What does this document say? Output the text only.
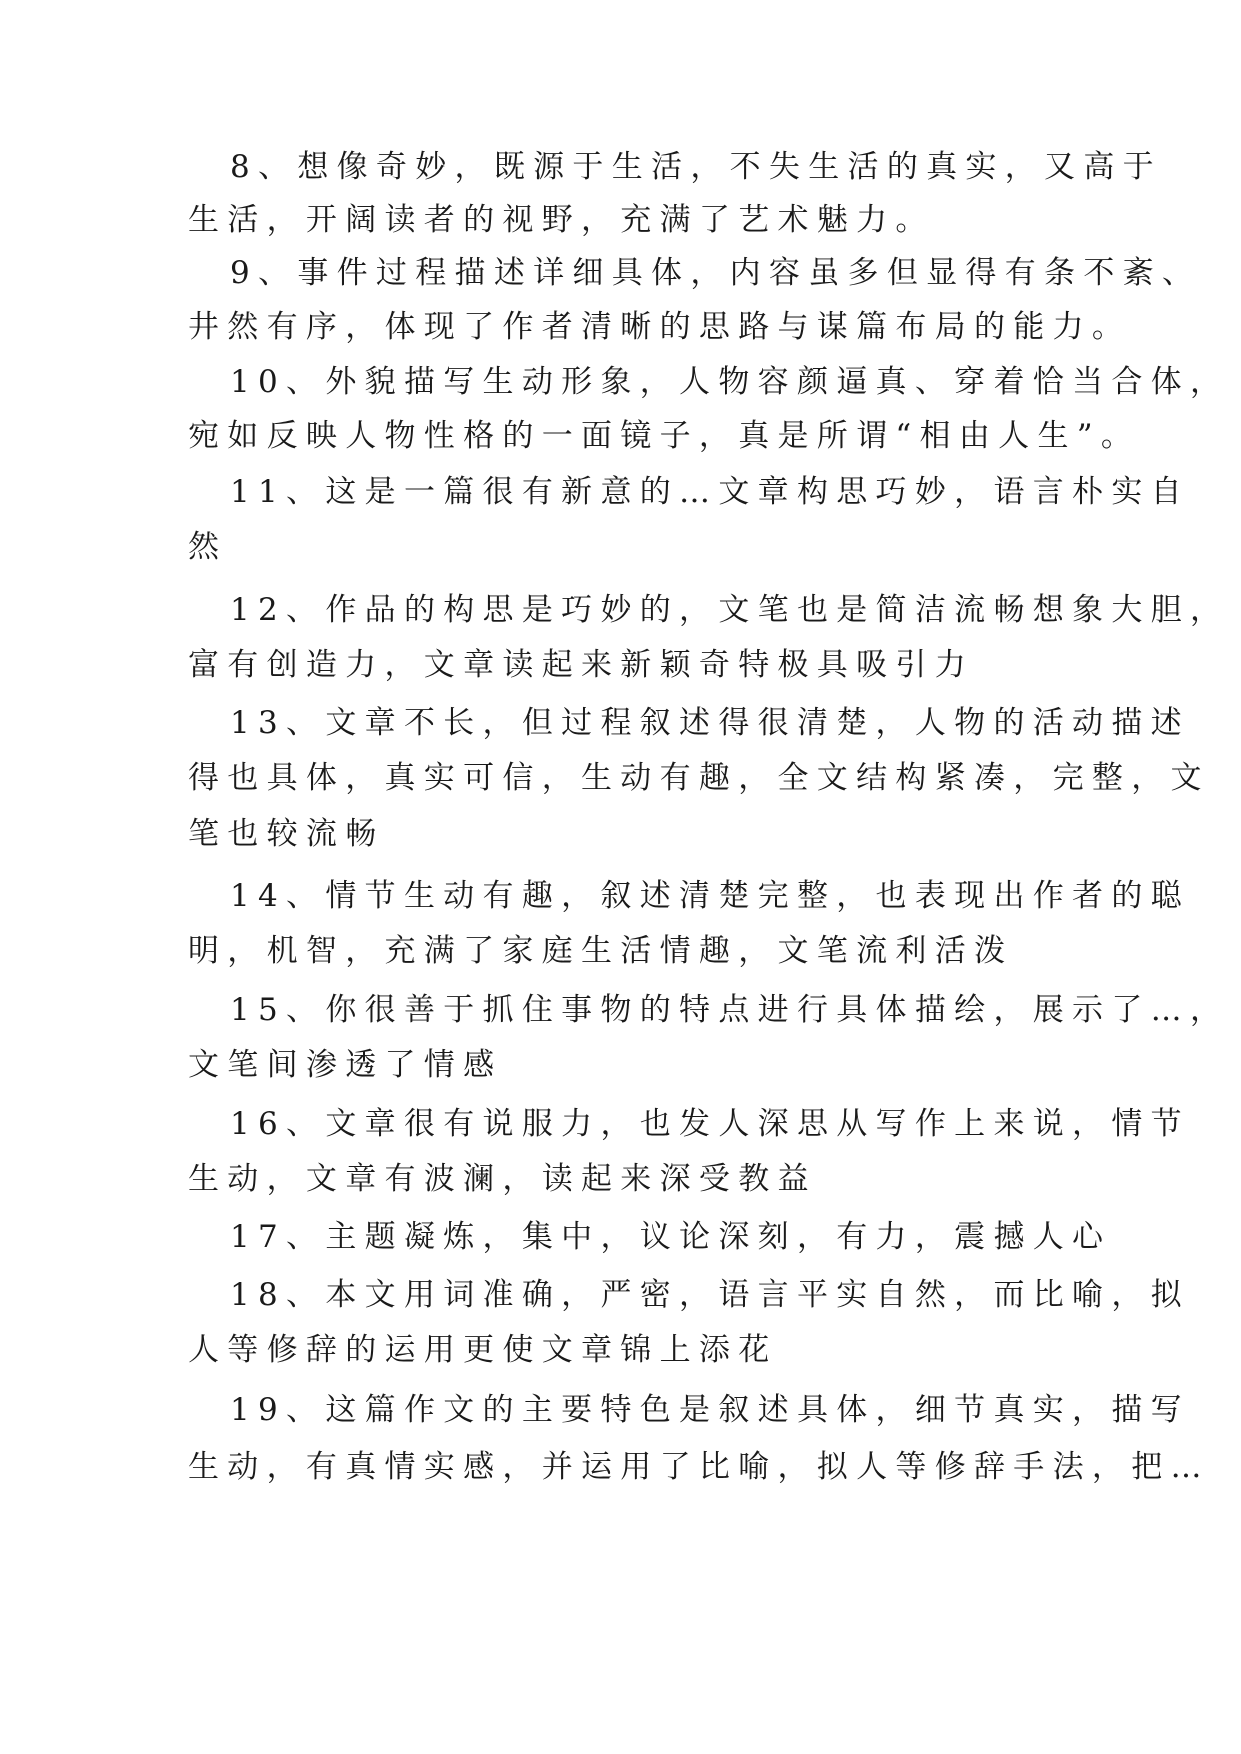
8、想像奇妙，既源于生活，不失生活的真实，又高于
生活，开阔读者的视野，充满了艺术魅力。
9、事件过程描述详细具体，内容虽多但显得有条不紊、
井然有序，体现了作者清晰的思路与谋篇布局的能力。
10、外貌描写生动形象，人物容颜逼真、穿着恰当合体，
宛如反映人物性格的一面镜子，真是所谓“相由人生”。
11、这是一篇很有新意的…文章构思巧妙，语言朴实自
然
12、作品的构思是巧妙的，文笔也是简洁流畅想象大胆，
富有创造力，文章读起来新颖奇特极具吸引力
13、文章不长，但过程叙述得很清楚，人物的活动描述
得也具体，真实可信，生动有趣，全文结构紧凑，完整，文
笔也较流畅
14、情节生动有趣，叙述清楚完整，也表现出作者的聪
明，机智，充满了家庭生活情趣，文笔流利活泼
15、你很善于抓住事物的特点进行具体描绘，展示了…，
文笔间渗透了情感
16、文章很有说服力，也发人深思从写作上来说，情节
生动，文章有波澜，读起来深受教益
17、主题凝炼，集中，议论深刻，有力，震撼人心
18、本文用词准确，严密，语言平实自然，而比喻，拟
人等修辞的运用更使文章锦上添花
19、这篇作文的主要特色是叙述具体，细节真实，描写
生动，有真情实感，并运用了比喻，拟人等修辞手法，把…
